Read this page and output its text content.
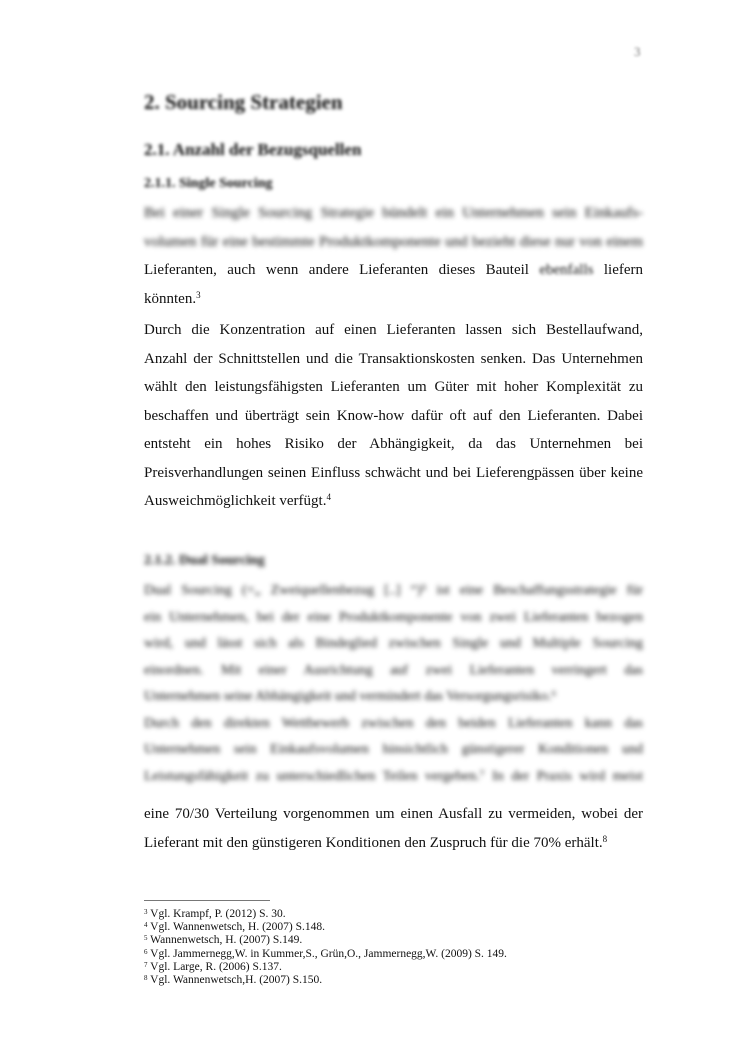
3
2. Sourcing Strategien
2.1. Anzahl der Bezugsquellen
2.1.1. Single Sourcing
Bei einer Single Sourcing Strategie bündelt ein Unternehmen sein Einkaufs-
volumen für eine bestimmte Produktkomponente und bezieht diese nur von einem
Lieferanten, auch wenn andere Lieferanten dieses Bauteil ebenfalls liefern
könnten.$^3$
Durch die Konzentration auf einen Lieferanten lassen sich Bestellaufwand,
Anzahl der Schnittstellen und die Transaktionskosten senken. Das Unternehmen
wählt den leistungsfähigsten Lieferanten um Güter mit hoher Komplexität zu
beschaffen und überträgt sein Know-how dafür oft auf den Lieferanten. Dabei
entsteht ein hohes Risiko der Abhängigkeit, da das Unternehmen bei
Preisverhandlungen seinen Einfluss schwächt und bei Lieferengpässen über keine
Ausweichmöglichkeit verfügt.$^4$
2.1.2. Dual Sourcing
Dual Sourcing (=„ Zweiquellenbezug [..] “)⁵ ist eine Beschaffungsstrategie für
ein Unternehmen, bei der eine Produktkomponente von zwei Lieferanten bezogen
wird, und lässt sich als Bindeglied zwischen Single und Multiple Sourcing
einordnen. Mit einer Ausrichtung auf zwei Lieferanten verringert das
Unternehmen seine Abhängigkeit und vermindert das Versorgungsrisiko.⁶
Durch den direkten Wettbewerb zwischen den beiden Lieferanten kann das
Unternehmen sein Einkaufsvolumen hinsichtlich günstigerer Konditionen und
Leistungsfähigkeit zu unterschiedlichen Teilen vergeben.⁷ In der Praxis wird meist
eine 70/30 Verteilung vorgenommen um einen Ausfall zu vermeiden, wobei der
Lieferant mit den günstigeren Konditionen den Zuspruch für die 70% erhält.$^8$
$^3$ Vgl. Krampf, P. (2012) S. 30.
$^4$ Vgl. Wannenwetsch, H. (2007) S.148.
$^5$ Wannenwetsch, H. (2007) S.149.
$^6$ Vgl. Jammernegg,W. in Kummer,S., Grün,O., Jammernegg,W. (2009) S. 149.
$^7$ Vgl. Large, R. (2006) S.137.
$^8$ Vgl. Wannenwetsch,H. (2007) S.150.
